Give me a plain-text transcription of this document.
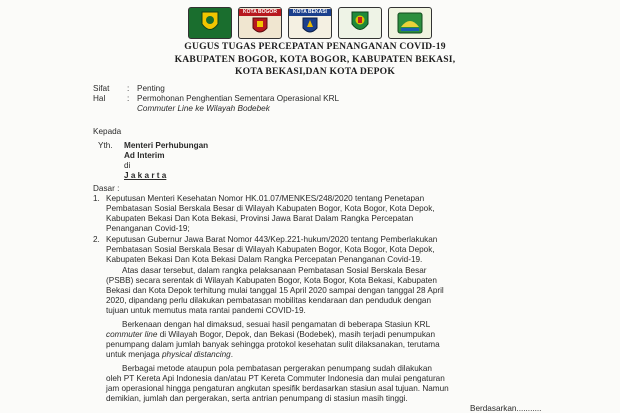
KOTA BOGOR	KOTA BEKASI
GUGUS TUGAS PERCEPATAN PENANGANAN COVID-19
KABUPATEN BOGOR, KOTA BOGOR, KABUPATEN BEKASI,
KOTA BEKASI,DAN KOTA DEPOK
Sifat : Penting
Hal	: Permohonan Penghentian Sementara Operasional KRL
Commuter Line ke Wilayah Bodebek
Kepada
Yth. Menteri Perhubungan
Ad Interim
di
J a k a r t a
Dasar :
1. Keputusan Menteri Kesehatan Nomor HK.01.07/MENKES/248/2020 tentang Penetapan
Pembatasan Sosial Berskala Besar di Wilayah Kabupaten Bogor, Kota Bogor, Kota Depok,
Kabupaten Bekasi Dan Kota Bekasi, Provinsi Jawa Barat Dalam Rangka Percepatan
Penanganan Covid-19;
2. Keputusan Gubernur Jawa Barat Nomor 443/Kep.221-hukum/2020 tentang Pemberlakukan
Pembatasan Sosial Berskala Besar di Wilayah Kabupaten Bogor, Kota Bogor, Kota Depok,
Kabupaten Bekasi Dan Kota Bekasi Dalam Rangka Percepatan Penanganan Covid-19.
Atas dasar tersebut, dalam rangka pelaksanaan Pembatasan Sosial Berskala Besar
(PSBB) secara serentak di Wilayah Kabupaten Bogor, Kota Bogor, Kota Bekasi, Kabupaten
Bekasi dan Kota Depok terhitung mulai tanggal 15 April 2020 sampai dengan tanggal 28 April
2020, dipandang perlu dilakukan pembatasan mobilitas kendaraan dan penduduk dengan
tujuan untuk memutus mata rantai pandemi COVID-19.
Berkenaan dengan hal dimaksud, sesuai hasil pengamatan di beberapa Stasiun KRL
commuter line di Wilayah Bogor, Depok, dan Bekasi (Bodebek), masih terjadi penumpukan
penumpang dalam jumlah banyak sehingga protokol kesehatan sulit dilaksanakan, terutama
untuk menjaga physical distancing.
Berbagai metode ataupun pola pembatasan pergerakan penumpang sudah dilakukan
oleh PT Kereta Api Indonesia dan/atau PT Kereta Commuter Indonesia dan mulai pengaturan
jam operasional hingga pengaturan angkutan spesifik berdasarkan stasiun asal tujuan. Namun
demikian, jumlah dan pergerakan, serta antrian penumpang di stasiun masih tinggi.
Berdasarkan...........
